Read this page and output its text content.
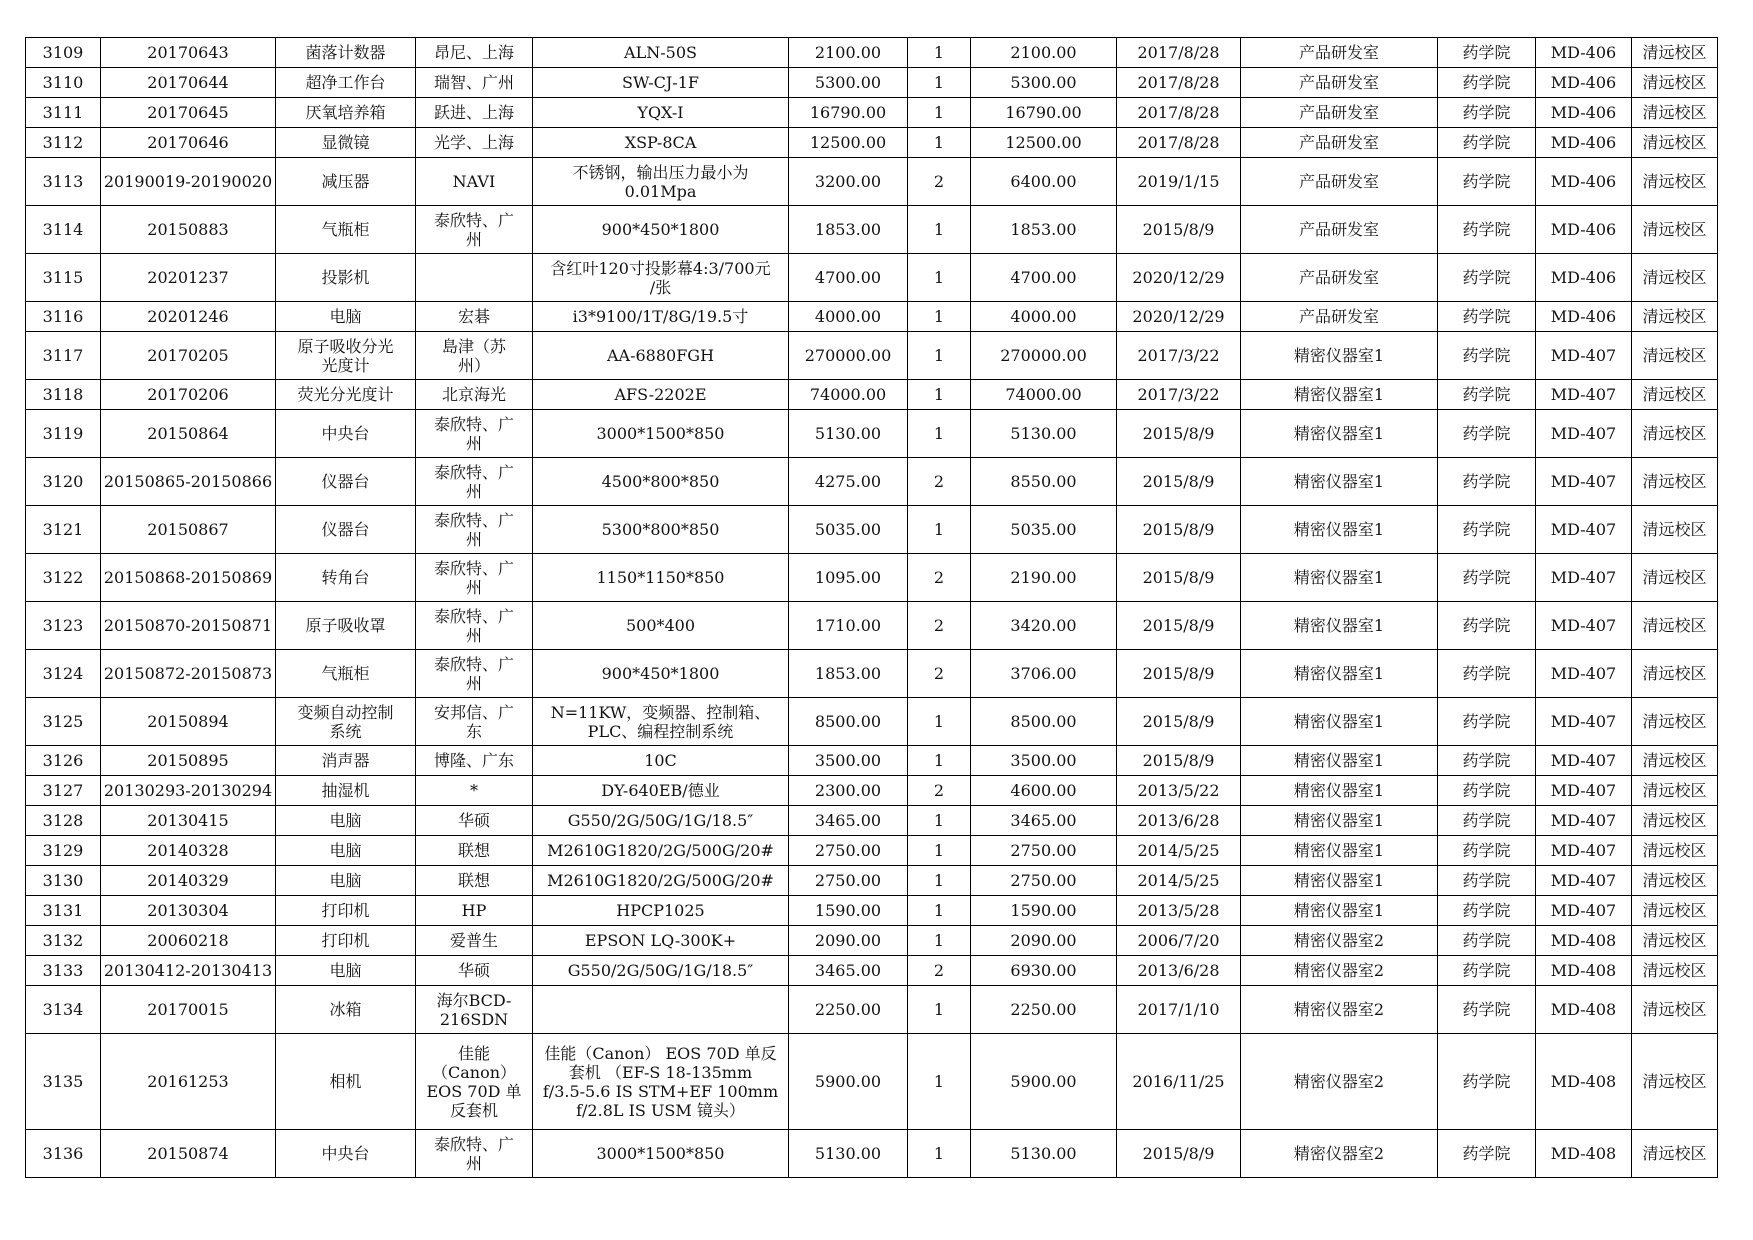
3109	20170643	菌落计数器	昂尼、上海	ALN-50S	2100.00	1	2100.00	2017/8/28	产品研发室	药学院	MD-406	清远校区
3110	20170644	超净工作台	瑞智、广州	SW-CJ-1F	5300.00	1	5300.00	2017/8/28	产品研发室	药学院	MD-406	清远校区
3111	20170645	厌氧培养箱	跃进、上海	YQX-I	16790.00	1	16790.00	2017/8/28	产品研发室	药学院	MD-406	清远校区
3112	20170646	显微镜	光学、上海	XSP-8CA	12500.00	1	12500.00	2017/8/28	产品研发室	药学院	MD-406	清远校区
3113	20190019-20190020	减压器	NAVI	不锈钢，输出压力最小为
0.01Mpa	3200.00	2	6400.00	2019/1/15	产品研发室	药学院	MD-406	清远校区
3114	20150883	气瓶柜	泰欣特、广
州	900*450*1800	1853.00	1	1853.00	2015/8/9	产品研发室	药学院	MD-406	清远校区
3115	20201237	投影机		含红叶120寸投影幕4:3/700元
/张	4700.00	1	4700.00	2020/12/29	产品研发室	药学院	MD-406	清远校区
3116	20201246	电脑	宏碁	i3*9100/1T/8G/19.5寸	4000.00	1	4000.00	2020/12/29	产品研发室	药学院	MD-406	清远校区
3117	20170205	原子吸收分光
光度计	島津（苏
州）	AA-6880FGH	270000.00	1	270000.00	2017/3/22	精密仪器室1	药学院	MD-407	清远校区
3118	20170206	荧光分光度计	北京海光	AFS-2202E	74000.00	1	74000.00	2017/3/22	精密仪器室1	药学院	MD-407	清远校区
3119	20150864	中央台	泰欣特、广
州	3000*1500*850	5130.00	1	5130.00	2015/8/9	精密仪器室1	药学院	MD-407	清远校区
3120	20150865-20150866	仪器台	泰欣特、广
州	4500*800*850	4275.00	2	8550.00	2015/8/9	精密仪器室1	药学院	MD-407	清远校区
3121	20150867	仪器台	泰欣特、广
州	5300*800*850	5035.00	1	5035.00	2015/8/9	精密仪器室1	药学院	MD-407	清远校区
3122	20150868-20150869	转角台	泰欣特、广
州	1150*1150*850	1095.00	2	2190.00	2015/8/9	精密仪器室1	药学院	MD-407	清远校区
3123	20150870-20150871	原子吸收罩	泰欣特、广
州	500*400	1710.00	2	3420.00	2015/8/9	精密仪器室1	药学院	MD-407	清远校区
3124	20150872-20150873	气瓶柜	泰欣特、广
州	900*450*1800	1853.00	2	3706.00	2015/8/9	精密仪器室1	药学院	MD-407	清远校区
3125	20150894	变频自动控制
系统	安邦信、广
东	N=11KW，变频器、控制箱、
PLC、编程控制系统	8500.00	1	8500.00	2015/8/9	精密仪器室1	药学院	MD-407	清远校区
3126	20150895	消声器	博隆、广东	10C	3500.00	1	3500.00	2015/8/9	精密仪器室1	药学院	MD-407	清远校区
3127	20130293-20130294	抽湿机	*	DY-640EB/德业	2300.00	2	4600.00	2013/5/22	精密仪器室1	药学院	MD-407	清远校区
3128	20130415	电脑	华硕	G550/2G/50G/1G/18.5″	3465.00	1	3465.00	2013/6/28	精密仪器室1	药学院	MD-407	清远校区
3129	20140328	电脑	联想	M2610G1820/2G/500G/20#	2750.00	1	2750.00	2014/5/25	精密仪器室1	药学院	MD-407	清远校区
3130	20140329	电脑	联想	M2610G1820/2G/500G/20#	2750.00	1	2750.00	2014/5/25	精密仪器室1	药学院	MD-407	清远校区
3131	20130304	打印机	HP	HPCP1025	1590.00	1	1590.00	2013/5/28	精密仪器室1	药学院	MD-407	清远校区
3132	20060218	打印机	爱普生	EPSON LQ-300K+	2090.00	1	2090.00	2006/7/20	精密仪器室2	药学院	MD-408	清远校区
3133	20130412-20130413	电脑	华硕	G550/2G/50G/1G/18.5″	3465.00	2	6930.00	2013/6/28	精密仪器室2	药学院	MD-408	清远校区
3134	20170015	冰箱	海尔BCD-
216SDN		2250.00	1	2250.00	2017/1/10	精密仪器室2	药学院	MD-408	清远校区
3135	20161253	相机	佳能
（Canon）
EOS 70D 单
反套机	佳能（Canon） EOS 70D 单反
套机 （EF-S 18-135mm
f/3.5-5.6 IS STM+EF 100mm
f/2.8L IS USM 镜头）	5900.00	1	5900.00	2016/11/25	精密仪器室2	药学院	MD-408	清远校区
3136	20150874	中央台	泰欣特、广
州	3000*1500*850	5130.00	1	5130.00	2015/8/9	精密仪器室2	药学院	MD-408	清远校区
